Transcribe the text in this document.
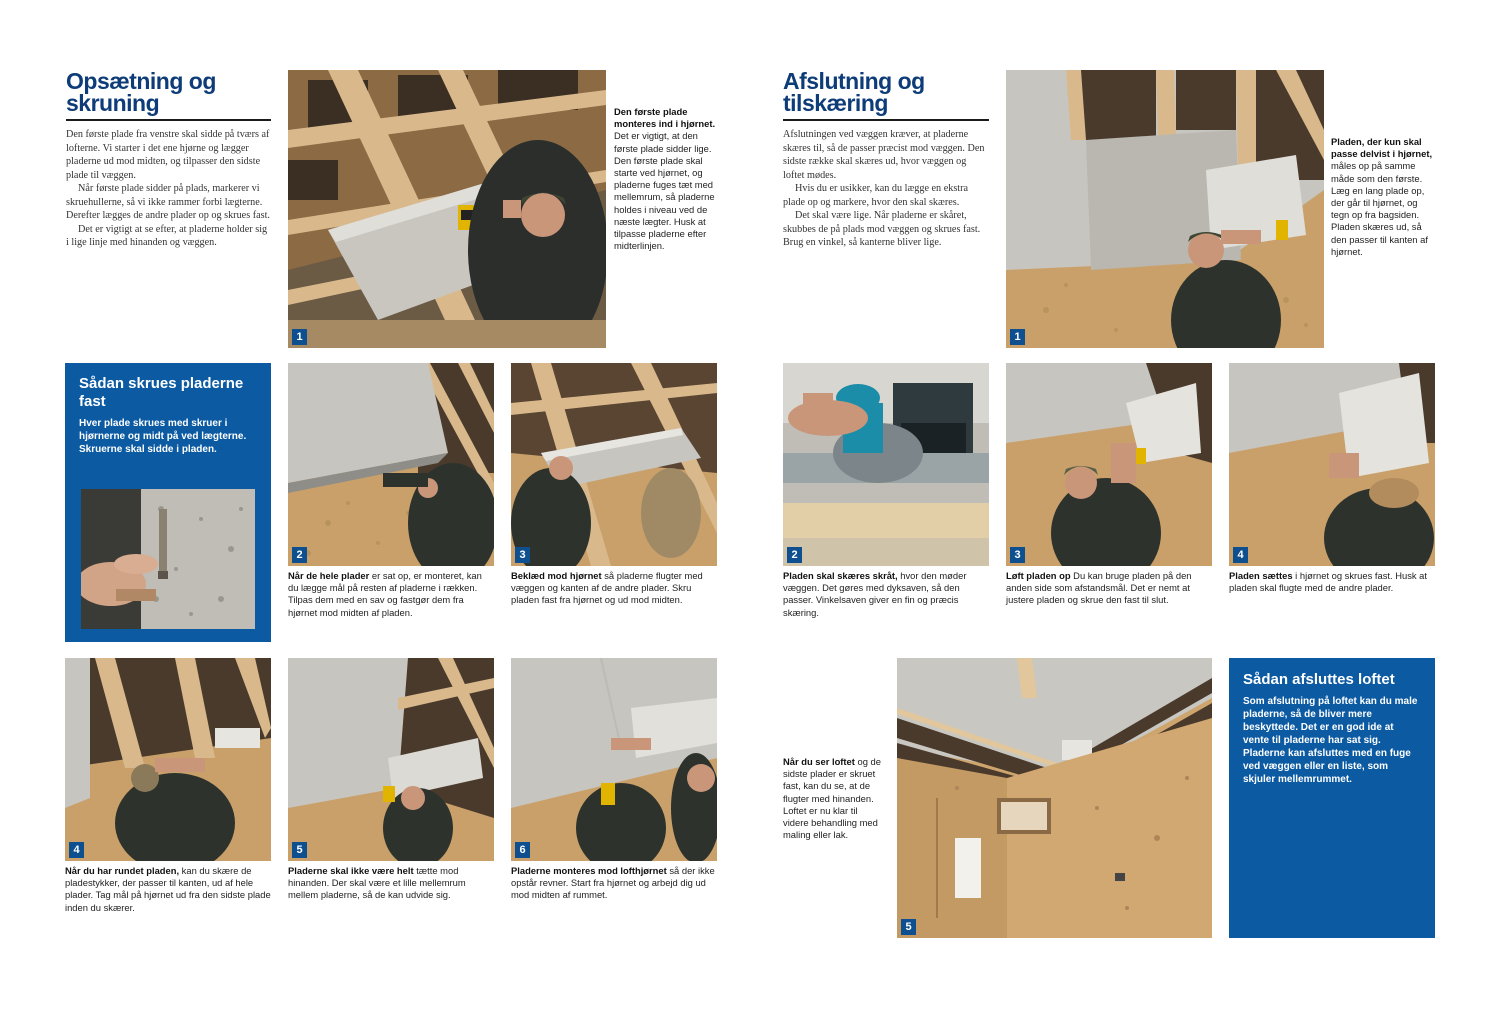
Opsætning og
skruning

Den første plade fra venstre skal sidde på tværs af lofterne. Vi starter i det ene hjørne og lægger pladerne ud mod midten, og tilpasser den sidste plade til væggen.

Når første plade sidder på plads, markerer vi skruehullerne, så vi ikke rammer forbi lægterne. Derefter lægges de andre plader op og skrues fast.

Det er vigtigt at se efter, at pladerne holder sig i lige linje med hinanden og væggen.

1
Den første plade monteres ind i hjørnet. Det er vigtigt, at den første plade sidder lige. Den første plade skal starte ved hjørnet, og pladerne fuges tæt med mellemrum, så pladerne holdes i niveau ved de næste lægter. Husk at tilpasse pladerne efter midterlinjen.
Sådan skrues pladerne fast

Hver plade skrues med skruer i hjørnerne og midt på ved lægterne. Skruerne skal sidde i pladen.

2
Når de hele plader er sat op, er monteret, kan du lægge mål på resten af pladerne i rækken. Tilpas dem med en sav og fastgør dem fra hjørnet mod midten af pladen.
3
Beklæd mod hjørnet så pladerne flugter med væggen og kanten af de andre plader. Skru pladen fast fra hjørnet og ud mod midten.
4
Når du har rundet pladen, kan du skære de pladestykker, der passer til kanten, ud af hele plader. Tag mål på hjørnet ud fra den sidste plade inden du skærer.
5
Pladerne skal ikke være helt tætte mod hinanden. Der skal være et lille mellemrum mellem pladerne, så de kan udvide sig.
6
Pladerne monteres mod lofthjørnet så der ikke opstår revner. Start fra hjørnet og arbejd dig ud mod midten af rummet.
Afslutning og
tilskæring

Afslutningen ved væggen kræver, at pladerne skæres til, så de passer præcist mod væggen. Den sidste række skal skæres ud, hvor væggen og loftet mødes.

Hvis du er usikker, kan du lægge en ekstra plade op og markere, hvor den skal skæres.

Det skal være lige. Når pladerne er skåret, skubbes de på plads mod væggen og skrues fast. Brug en vinkel, så kanterne bliver lige.

1
Pladen, der kun skal passe delvist i hjørnet, måles op på samme måde som den første. Læg en lang plade op, der går til hjørnet, og tegn op fra bagsiden. Pladen skæres ud, så den passer til kanten af hjørnet.
2
Pladen skal skæres skråt, hvor den møder væggen. Det gøres med dyksaven, så den passer. Vinkelsaven giver en fin og præcis skæring.
3
Løft pladen op Du kan bruge pladen på den anden side som afstandsmål. Det er nemt at justere pladen og skrue den fast til slut.
4
Pladen sættes i hjørnet og skrues fast. Husk at pladen skal flugte med de andre plader.
Når du ser loftet og de sidste plader er skruet fast, kan du se, at de flugter med hinanden. Loftet er nu klar til videre behandling med maling eller lak.
5
Sådan afsluttes loftet

Som afslutning på loftet kan du male pladerne, så de bliver mere beskyttede. Det er en god ide at vente til pladerne har sat sig. Pladerne kan afsluttes med en fuge ved væggen eller en liste, som skjuler mellemrummet.
